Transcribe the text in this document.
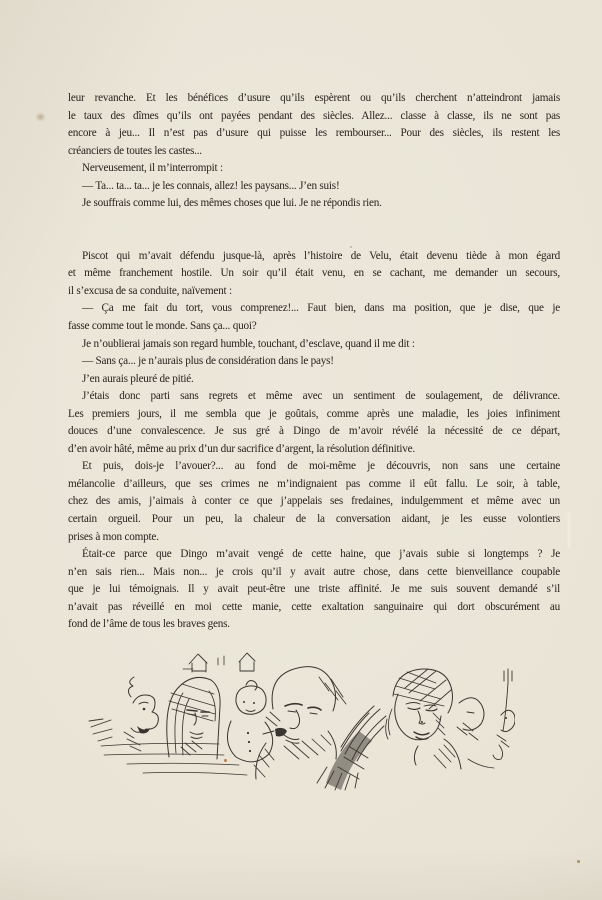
leur revanche. Et les bénéfices d’usure qu’ils espèrent ou qu’ils cherchent n’atteindront jamais
le taux des dîmes qu’ils ont payées pendant des siècles. Allez... classe à classe, ils ne sont pas
encore à jeu... Il n’est pas d’usure qui puisse les rembourser... Pour des siècles, ils restent les
créanciers de toutes les castes...
Nerveusement, il m’interrompit :
— Ta... ta... ta... je les connais, allez! les paysans... J’en suis!
Je souffrais comme lui, des mêmes choses que lui. Je ne répondis rien.
Piscot qui m’avait défendu jusque-là, après l’histoire de Velu, était devenu tiède à mon égard
et même franchement hostile. Un soir qu’il était venu, en se cachant, me demander un secours,
il s’excusa de sa conduite, naïvement :
— Ça me fait du tort, vous comprenez!... Faut bien, dans ma position, que je dise, que je
fasse comme tout le monde. Sans ça... quoi?
Je n’oublierai jamais son regard humble, touchant, d’esclave, quand il me dit :
— Sans ça... je n’aurais plus de considération dans le pays!
J’en aurais pleuré de pitié.
J’étais donc parti sans regrets et même avec un sentiment de soulagement, de délivrance.
Les premiers jours, il me sembla que je goûtais, comme après une maladie, les joies infiniment
douces d’une convalescence. Je sus gré à Dingo de m’avoir révélé la nécessité de ce départ,
d’en avoir hâté, même au prix d’un dur sacrifice d’argent, la résolution définitive.
Et puis, dois-je l’avouer?... au fond de moi-même je découvris, non sans une certaine
mélancolie d’ailleurs, que ses crimes ne m’indignaient pas comme il eût fallu. Le soir, à table,
chez des amis, j’aimais à conter ce que j’appelais ses fredaines, indulgemment et même avec un
certain orgueil. Pour un peu, la chaleur de la conversation aidant, je les eusse volontiers
prises à mon compte.
Était-ce parce que Dingo m’avait vengé de cette haine, que j’avais subie si longtemps ? Je
n’en sais rien... Mais non... je crois qu’il y avait autre chose, dans cette bienveillance coupable
que je lui témoignais. Il y avait peut-être une triste affinité. Je me suis souvent demandé s’il
n’avait pas réveillé en moi cette manie, cette exaltation sanguinaire qui dort obscurément au
fond de l’âme de tous les braves gens.
